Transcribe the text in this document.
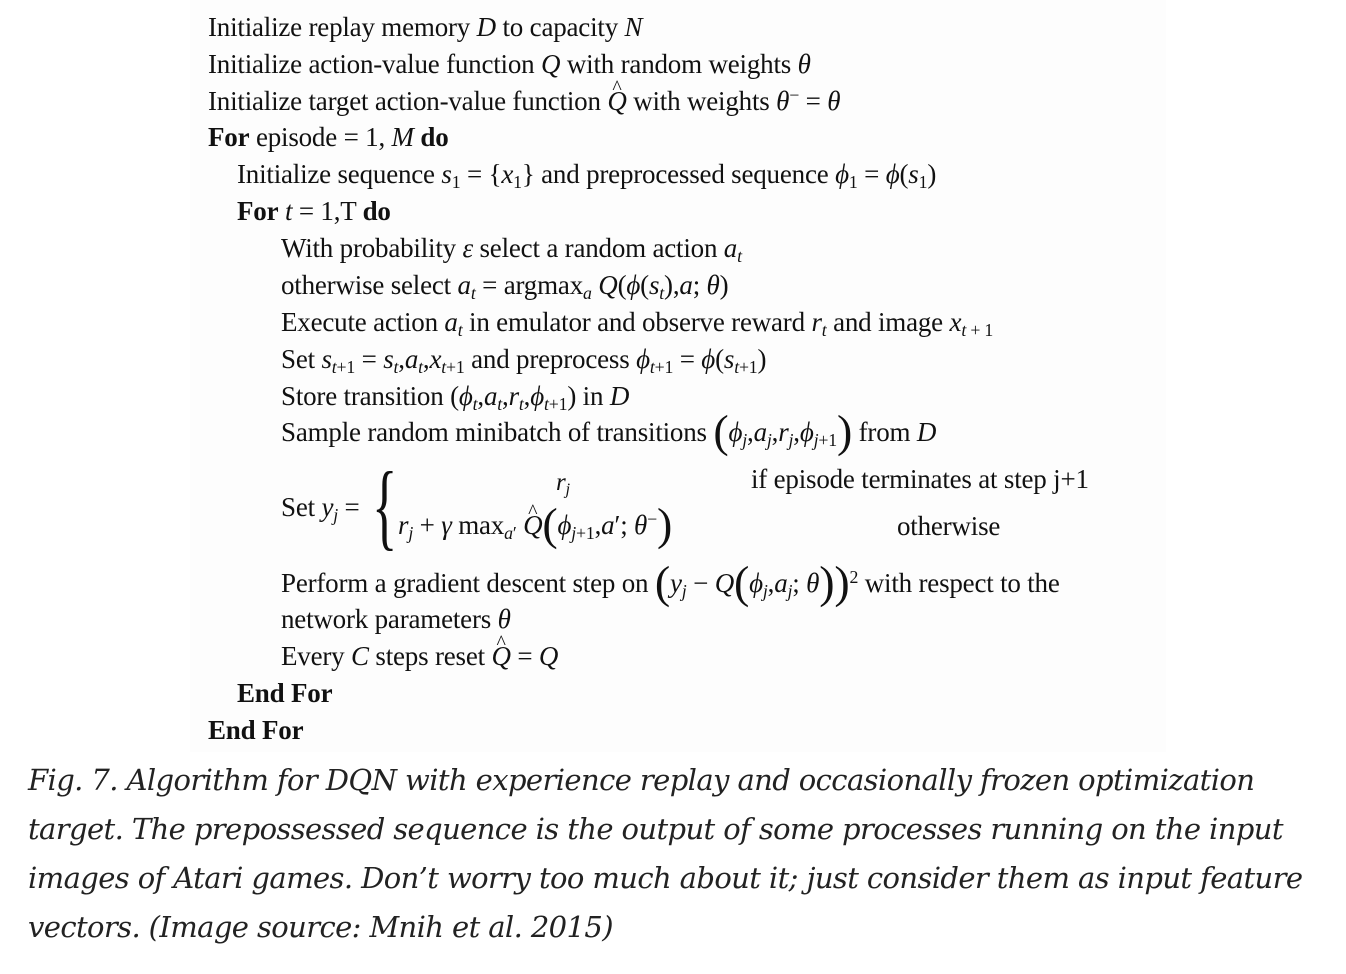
Initialize replay memory D to capacity N
Initialize action-value function Q with random weights θ
Initialize target action-value function ^ Q with weights θ− = θ
For episode = 1, M do
Initialize sequence $s_1 = \{x_1\}$ and preprocessed sequence $\phi_1 = \phi(s_1)$
For t = 1,T do
With probability ε select a random action $a_t$
otherwise select $a_t = argmax_a$ $Q(\phi(s_t),a$; θ)
Execute action $a_t$ in emulator and observe reward $r_t$ and image $x_{t + 1}$
Set $s_{t+1} = s_t,a_t,x_{t+1}$ and preprocess $\phi_{t+1} = \phi(s_{t+1})$
Store transition $(\phi_t,a_t,r_t,\phi_{t+1})$ in D
Sample random minibatch of transitions $(\phi_j,a_j,r_j,\phi_{j+1})$ from D
Set $y_j$ = {	$r_j$	if episode terminates at step j+1
$r_j + \gamma$ $\max_{a'}$ ^ $Q(\phi_{j+1},a'$; θ−)	otherwise
Perform a gradient descent step on ($y_j - Q(\phi_j,a_j$; θ))$^2$ with respect to the
network parameters θ
Every C steps reset ^ Q = Q
End For
End For
Fig. 7. Algorithm for DQN with experience replay and occasionally frozen optimization target. The prepossessed sequence is the output of some processes running on the input images of Atari games. Don’t worry too much about it; just consider them as input feature vectors. (Image source: Mnih et al. 2015)
